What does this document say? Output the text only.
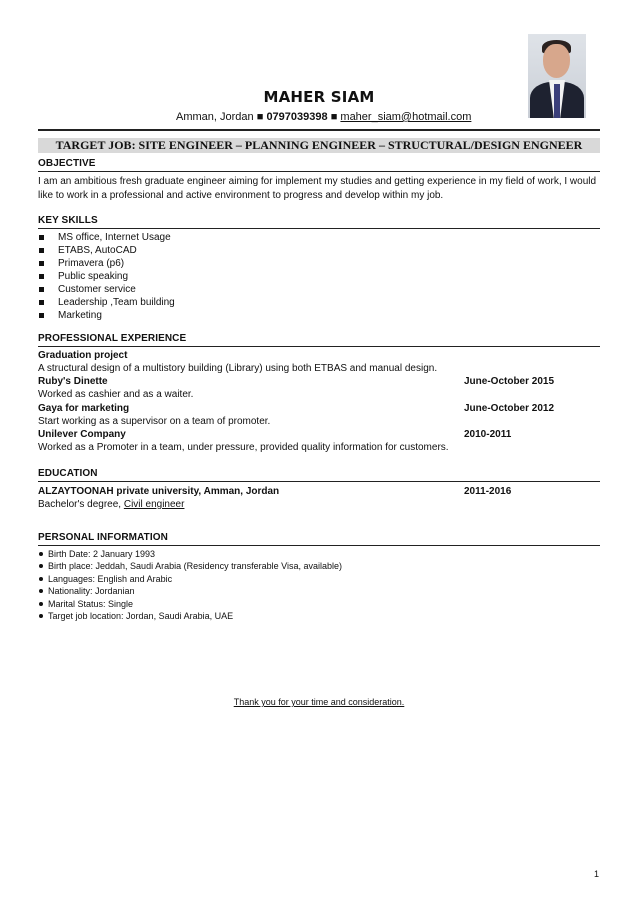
MAHER SIAM
Amman, Jordan ■ 0797039398 ■ maher_siam@hotmail.com
TARGET JOB: SITE ENGINEER – PLANNING ENGINEER – STRUCTURAL/DESIGN ENGNEER
OBJECTIVE
I am an ambitious fresh graduate engineer aiming for implement my studies and getting experience in my field of work, I would like to work in a professional and active environment to progress and develop within my job.
KEY SKILLS
MS office, Internet Usage
ETABS, AutoCAD
Primavera (p6)
Public speaking
Customer service
Leadership ,Team building
Marketing
PROFESSIONAL EXPERIENCE
Graduation project
A structural design of a multistory building (Library) using both ETBAS and manual design.
Ruby's Dinette	June-October 2015
Worked as cashier and as a waiter.
Gaya for marketing	June-October 2012
Start working as a supervisor on a team of promoter.
Unilever Company	2010-2011
Worked as a Promoter in a team, under pressure, provided quality information for customers.
EDUCATION
ALZAYTOONAH private university, Amman, Jordan	2011-2016
Bachelor's degree, Civil engineer
PERSONAL INFORMATION
Birth Date: 2 January 1993
Birth place: Jeddah, Saudi Arabia (Residency transferable Visa, available)
Languages: English and Arabic
Nationality: Jordanian
Marital Status: Single
Target job location: Jordan, Saudi Arabia, UAE
Thank you for your time and consideration.
1
